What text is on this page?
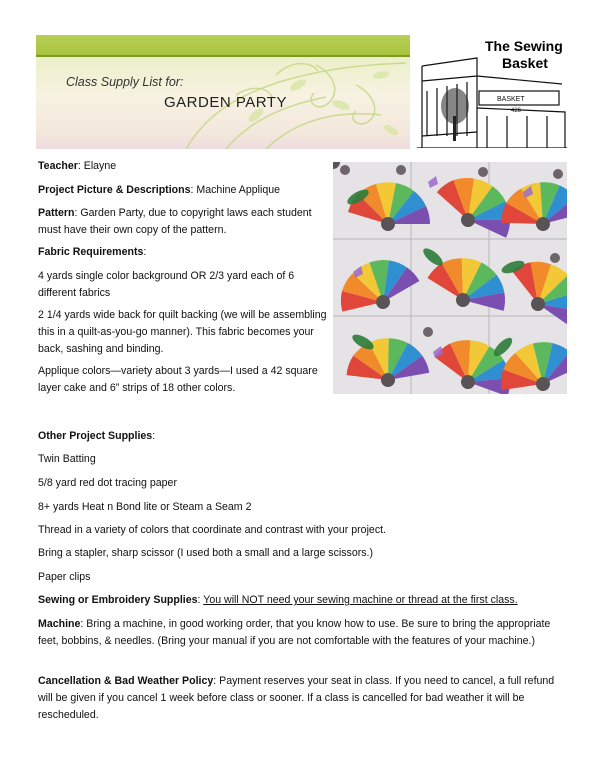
Class Supply List for:
GARDEN PARTY
The Sewing
Basket
BASKET
426

Teacher: Elayne

Project Picture & Descriptions: Machine Applique

Pattern: Garden Party, due to copyright laws each student must have their own copy of the pattern.

Fabric Requirements:

4 yards single color background OR 2/3 yard each of 6 different fabrics

2 1/4 yards wide back for quilt backing (we will be assembling this in a quilt-as-you-go manner). This fabric becomes your back, sashing and binding.

Applique colors—variety about 3 yards—I used a 42 square layer cake and 6” strips of 18 other colors.

Other Project Supplies:

Twin Batting

5/8 yard red dot tracing paper

8+ yards Heat n Bond lite or Steam a Seam 2

Thread in a variety of colors that coordinate and contrast with your project.

Bring a stapler, sharp scissor (I used both a small and a large scissors.)

Paper clips

Sewing or Embroidery Supplies: You will NOT need your sewing machine or thread at the first class.

Machine: Bring a machine, in good working order, that you know how to use. Be sure to bring the appropriate feet, bobbins, & needles. (Bring your manual if you are not comfortable with the features of your machine.)

Cancellation & Bad Weather Policy: Payment reserves your seat in class. If you need to cancel, a full refund will be given if you cancel 1 week before class or sooner. If a class is cancelled for bad weather it will be rescheduled.
